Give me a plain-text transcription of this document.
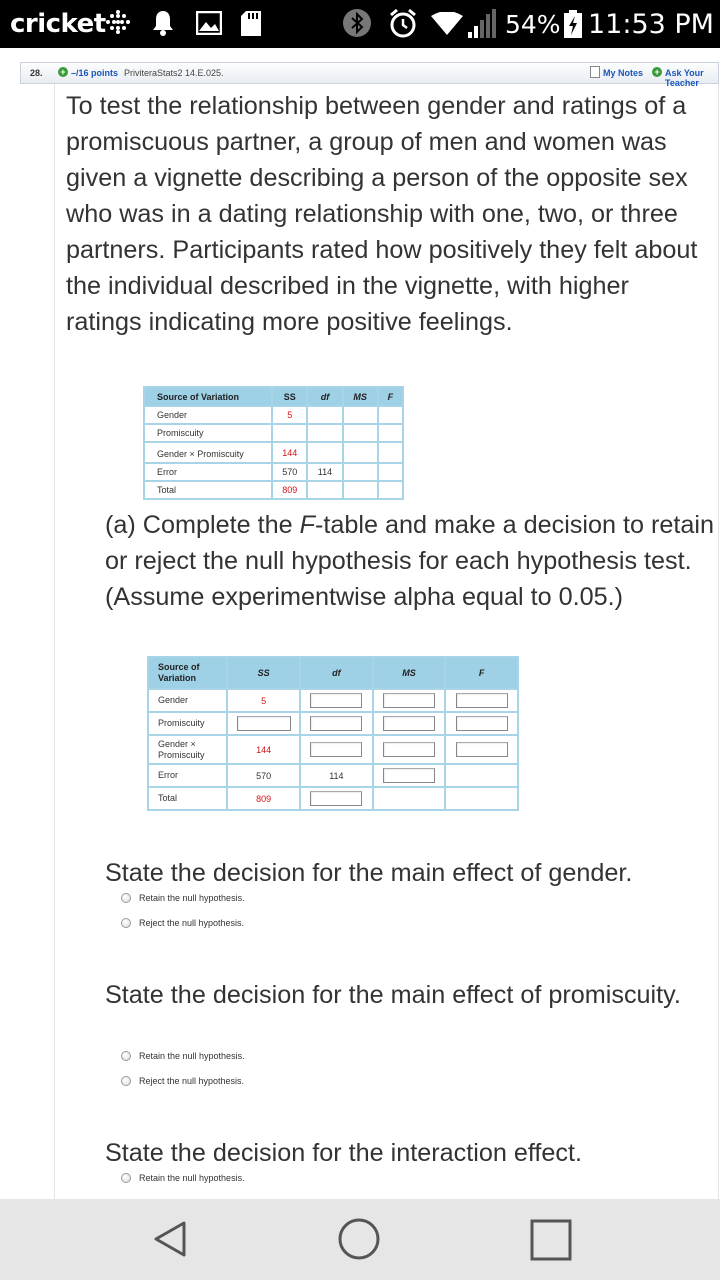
cricket	54% 11:53 PM
28. + –/16 points PriviteraStats2 14.E.025.	My Notes + Ask Your Teacher
To test the relationship between gender and ratings of a promiscuous partner, a group of men and women was given a vignette describing a person of the opposite sex who was in a dating relationship with one, two, or three partners. Participants rated how positively they felt about the individual described in the vignette, with higher ratings indicating more positive feelings.
Source of Variation	SS	df	MS	F
Gender	5			
Promiscuity				
Gender × Promiscuity	144			
Error	570	114		
Total	809			
(a) Complete the F-table and make a decision to retain or reject the null hypothesis for each hypothesis test. (Assume experimentwise alpha equal to 0.05.)
Source of Variation	SS	df	MS	F
Gender	5			
Promiscuity				
Gender × Promiscuity	144			
Error	570	114		
Total	809			
State the decision for the main effect of gender.
Retain the null hypothesis.
Reject the null hypothesis.
State the decision for the main effect of promiscuity.
Retain the null hypothesis.
Reject the null hypothesis.
State the decision for the interaction effect.
Retain the null hypothesis.
